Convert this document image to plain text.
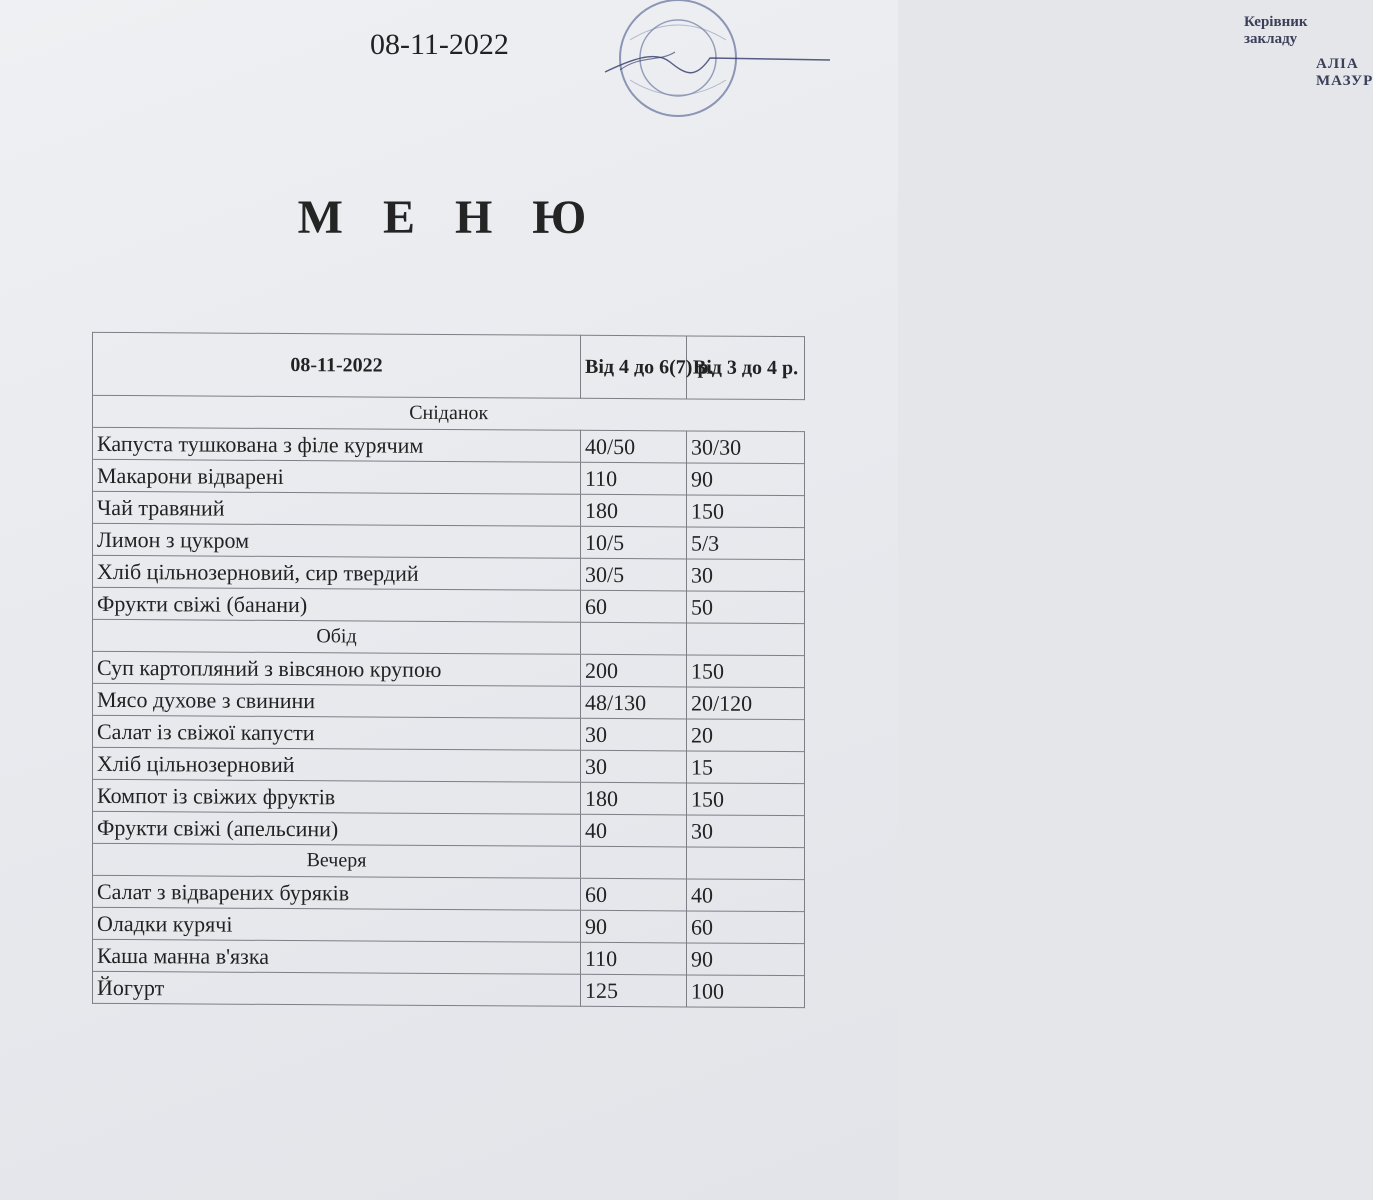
08-11-2022
Керівник закладу
АЛІА МАЗУР
М Е Н Ю
08-11-2022	Від 4 до 6(7) р.	Від 3 до 4 р.
Сніданок		
Капуста тушкована з філе курячим	40/50	30/30
Макарони відварені	110	90
Чай травяний	180	150
Лимон з цукром	10/5	5/3
Хліб цільнозерновий, сир твердий	30/5	30
Фрукти свіжі (банани)	60	50
Обід		
Суп картопляний з вівсяною крупою	200	150
Мясо духове з свинини	48/130	20/120
Салат із свіжої капусти	30	20
Хліб цільнозерновий	30	15
Компот із свіжих фруктів	180	150
Фрукти свіжі (апельсини)	40	30
Вечеря		
Салат з відварених буряків	60	40
Оладки курячі	90	60
Каша манна в'язка	110	90
Йогурт	125	100
